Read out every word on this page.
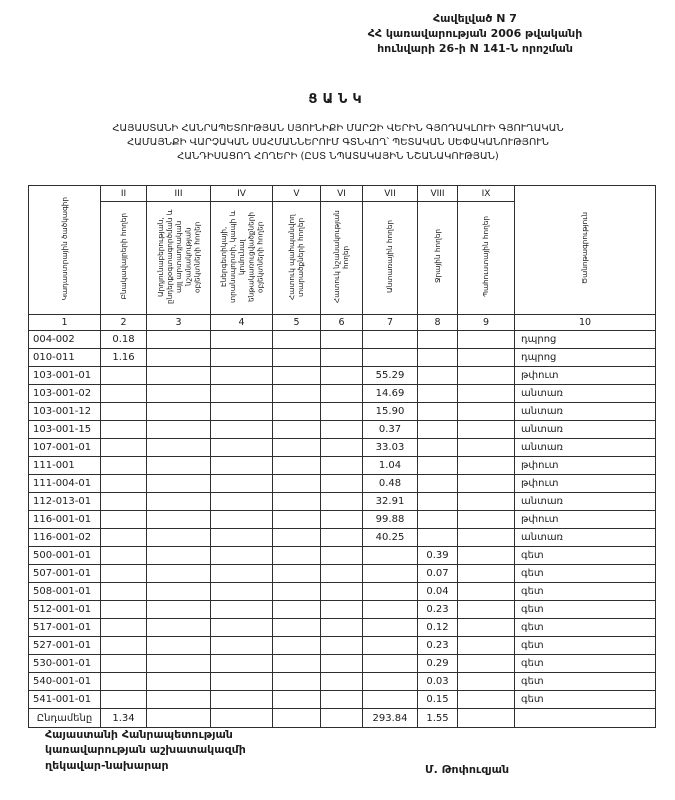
Հավելված N 7
ՀՀ կառավարության 2006 թվականի
հունվարի 26-ի N 141-Ն որոշման
ՑԱՆԿ
ՀԱՅԱՍՏԱՆԻ ՀԱՆՐԱՊԵՏՈՒԹՅԱՆ ՍՅՈՒՆԻՔԻ ՄԱՐԶԻ ՎԵՐԻՆ ԳՅՈԴԱԿԼՈՒԻ ԳՅՈՒՂԱԿԱՆ
ՀԱՄԱՅՆՔԻ ՎԱՐՉԱԿԱՆ ՍԱՀՄԱՆՆԵՐՈՒՄ ԳՏՆՎՈՂ՝ ՊԵՏԱԿԱՆ ՍԵՓԱԿԱՆՈՒԹՅՈՒՆ
ՀԱՆԴԻՍԱՑՈՂ ՀՈՂԵՐԻ (ԸՍՏ ՆՊԱՏԱԿԱՅԻՆ ՆՇԱՆԱԿՈՒԹՅԱՆ)
Կադաստրային ծածկագիր	II	III	IV	V	VI	VII	VIII	IX	Ծանոթագրություն
	Բնակավայրերի հողեր	Արդյունաբերության, ընդերքօգտագործման և այլ արտադրական նշանակության օբյեկտների հողեր	Էներգետիկայի, տրանսպորտի, կապի և կոմունալ ենթակառուցվածքների օբյեկտների հողեր	Հատուկ պահպանվող տարածքների հողեր	Հատուկ նշանակության հողեր	Անտառային հողեր	Ջրային հողեր	Պահուստային հողեր	
1	2	3	4	5	6	7	8	9	10
004-002	0.18								դպրոց
010-011	1.16								դպրոց
103-001-01						55.29			թփուտ
103-001-02						14.69			անտառ
103-001-12						15.90			անտառ
103-001-15						0.37			անտառ
107-001-01						33.03			անտառ
111-001						1.04			թփուտ
111-004-01						0.48			թփուտ
112-013-01						32.91			անտառ
116-001-01						99.88			թփուտ
116-001-02						40.25			անտառ
500-001-01							0.39		գետ
507-001-01							0.07		գետ
508-001-01							0.04		գետ
512-001-01							0.23		գետ
517-001-01							0.12		գետ
527-001-01							0.23		գետ
530-001-01							0.29		գետ
540-001-01							0.03		գետ
541-001-01							0.15		գետ
Ընդամենը	1.34					293.84	1.55		
Հայաստանի Հանրապետության
կառավարության աշխատակազմի
ղեկավար-նախարար	Մ. Թոփուզյան
